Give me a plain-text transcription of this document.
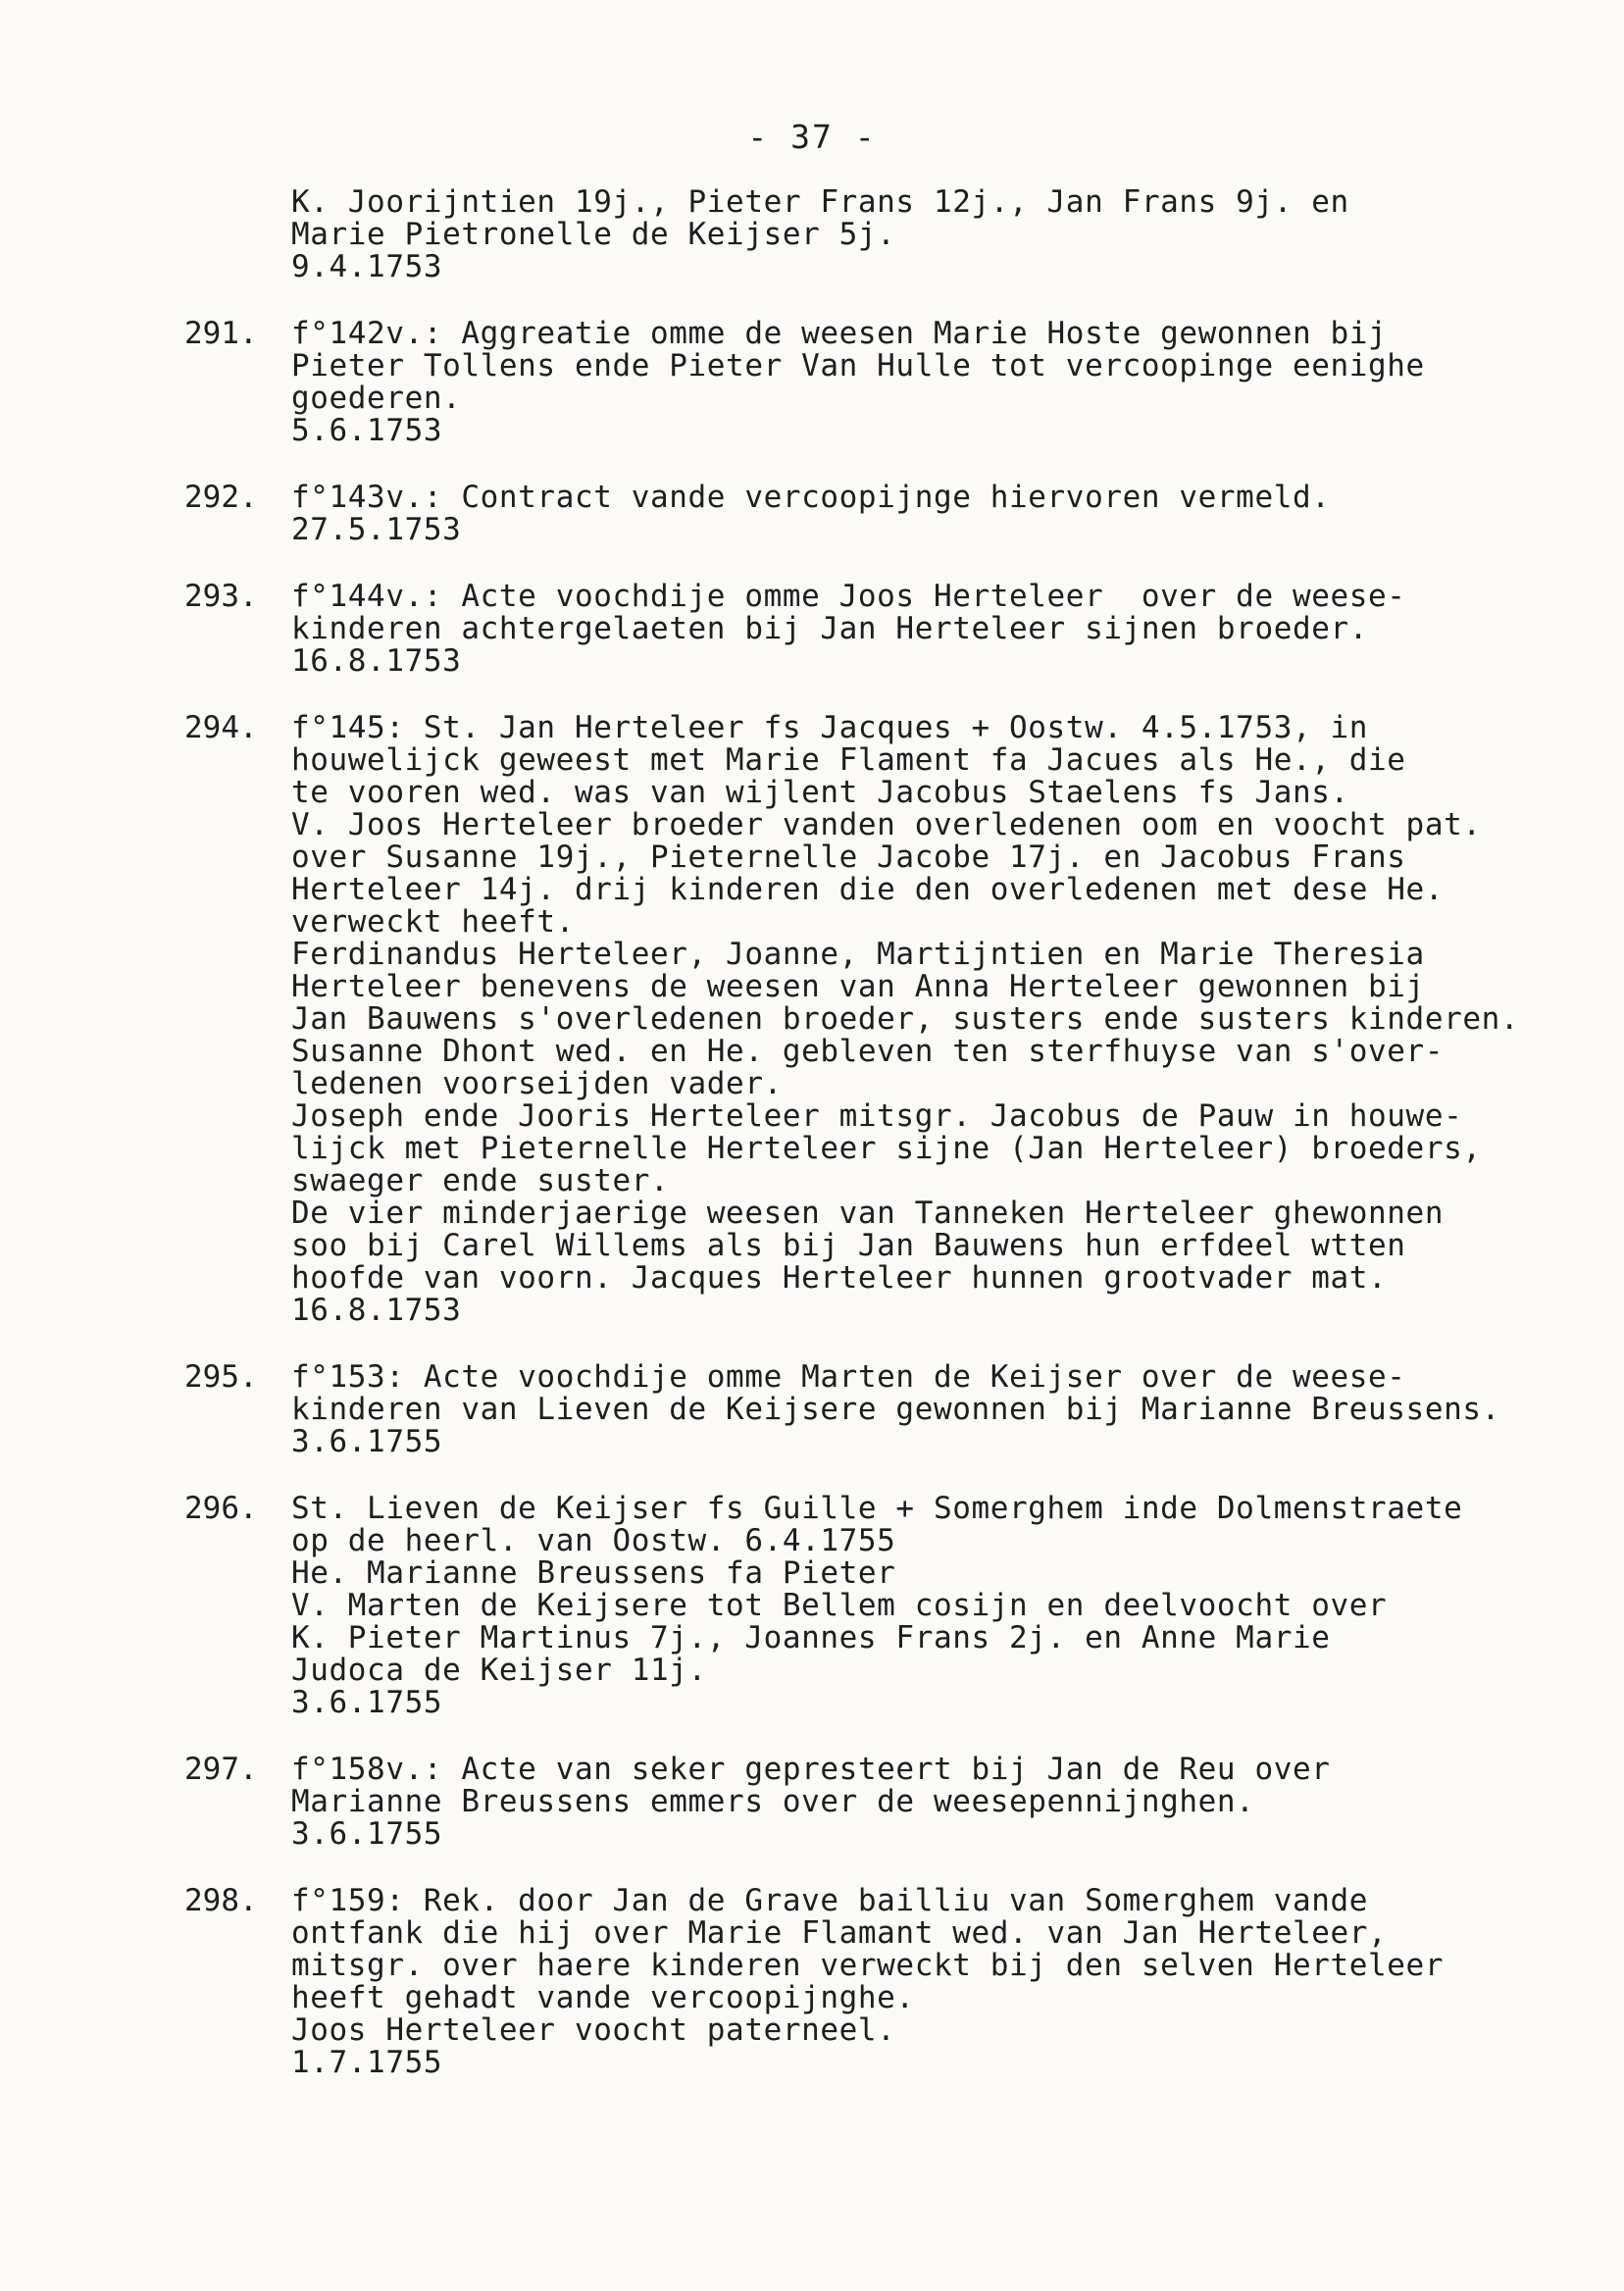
- 37 -
K. Joorijntien 19j., Pieter Frans 12j., Jan Frans 9j. en
Marie Pietronelle de Keijser 5j.
9.4.1753
291. f°142v.: Aggreatie omme de weesen Marie Hoste gewonnen bij
Pieter Tollens ende Pieter Van Hulle tot vercoopinge eenighe
goederen.
5.6.1753
292. f°143v.: Contract vande vercoopijnge hiervoren vermeld.
27.5.1753
293. f°144v.: Acte voochdije omme Joos Herteleer  over de weese-
kinderen achtergelaeten bij Jan Herteleer sijnen broeder.
16.8.1753
294. f°145: St. Jan Herteleer fs Jacques + Oostw. 4.5.1753, in
houwelijck geweest met Marie Flament fa Jacues als He., die
te vooren wed. was van wijlent Jacobus Staelens fs Jans.
V. Joos Herteleer broeder vanden overledenen oom en voocht pat.
over Susanne 19j., Pieternelle Jacobe 17j. en Jacobus Frans
Herteleer 14j. drij kinderen die den overledenen met dese He.
verweckt heeft.
Ferdinandus Herteleer, Joanne, Martijntien en Marie Theresia
Herteleer benevens de weesen van Anna Herteleer gewonnen bij
Jan Bauwens s'overledenen broeder, susters ende susters kinderen.
Susanne Dhont wed. en He. gebleven ten sterfhuyse van s'over-
ledenen voorseijden vader.
Joseph ende Jooris Herteleer mitsgr. Jacobus de Pauw in houwe-
lijck met Pieternelle Herteleer sijne (Jan Herteleer) broeders,
swaeger ende suster.
De vier minderjaerige weesen van Tanneken Herteleer ghewonnen
soo bij Carel Willems als bij Jan Bauwens hun erfdeel wtten
hoofde van voorn. Jacques Herteleer hunnen grootvader mat.
16.8.1753
295. f°153: Acte voochdije omme Marten de Keijser over de weese-
kinderen van Lieven de Keijsere gewonnen bij Marianne Breussens.
3.6.1755
296. St. Lieven de Keijser fs Guille + Somerghem inde Dolmenstraete
op de heerl. van Oostw. 6.4.1755
He. Marianne Breussens fa Pieter
V. Marten de Keijsere tot Bellem cosijn en deelvoocht over
K. Pieter Martinus 7j., Joannes Frans 2j. en Anne Marie
Judoca de Keijser 11j.
3.6.1755
297. f°158v.: Acte van seker gepresteert bij Jan de Reu over
Marianne Breussens emmers over de weesepennijnghen.
3.6.1755
298. f°159: Rek. door Jan de Grave bailliu van Somerghem vande
ontfank die hij over Marie Flamant wed. van Jan Herteleer,
mitsgr. over haere kinderen verweckt bij den selven Herteleer
heeft gehadt vande vercoopijnghe.
Joos Herteleer voocht paterneel.
1.7.1755
